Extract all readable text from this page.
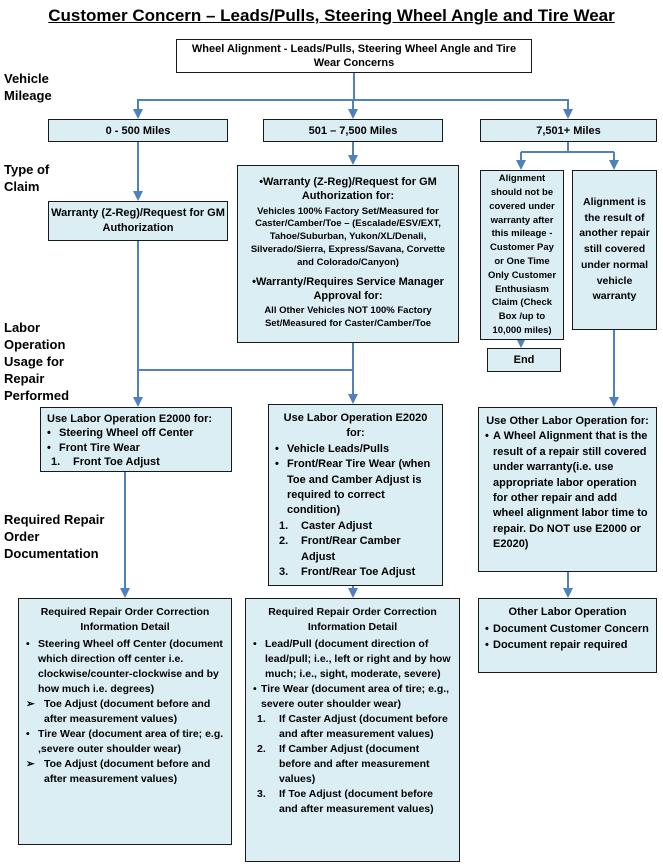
Customer Concern – Leads/Pulls, Steering Wheel Angle and Tire Wear
Vehicle Mileage
Type of Claim
Labor Operation Usage for Repair Performed
Required Repair Order Documentation
Wheel Alignment - Leads/Pulls, Steering Wheel Angle and Tire Wear Concerns
0 - 500 Miles	501 – 7,500 Miles	7,501+ Miles
Warranty (Z-Reg)/Request for GM Authorization
•Warranty (Z-Reg)/Request for GM Authorization for:
Vehicles 100% Factory Set/Measured for Caster/Camber/Toe – (Escalade/ESV/EXT, Tahoe/Suburban, Yukon/XL/Denali, Silverado/Sierra, Express/Savana, Corvette and Colorado/Canyon)
•Warranty/Requires Service Manager Approval for:
All Other Vehicles NOT 100% Factory Set/Measured for Caster/Camber/Toe
Alignment should not be covered under warranty after this mileage - Customer Pay or One Time Only Customer Enthusiasm Claim (Check Box /up to 10,000 miles)
Alignment is the result of another repair still covered under normal vehicle warranty
End
Use Labor Operation E2000 for:
• Steering Wheel off Center
• Front Tire Wear
1.	Front Toe Adjust
Use Labor Operation E2020 for:
• Vehicle Leads/Pulls
• Front/Rear Tire Wear (when Toe and Camber Adjust is required to correct condition)
1.	Caster Adjust
2.	Front/Rear Camber Adjust
3.	Front/Rear Toe Adjust
Use Other Labor Operation for:
• A Wheel Alignment that is the result of a repair still covered under warranty(i.e. use appropriate labor operation for other repair and add wheel alignment labor time to repair. Do NOT use E2000 or E2020)
Required Repair Order Correction Information Detail
• Steering Wheel off Center (document which direction off center i.e. clockwise/counter-clockwise and by how much i.e. degrees)
➢ Toe Adjust (document before and after measurement values)
• Tire Wear (document area of tire; e.g. ,severe outer shoulder wear)
➢ Toe Adjust (document before and after measurement values)
Required Repair Order Correction Information Detail
• Lead/Pull (document direction of lead/pull; i.e., left or right and by how much; i.e., sight, moderate, severe)
• Tire Wear (document area of tire; e.g., severe outer shoulder wear)
1.	If Caster Adjust (document before and after measurement values)
2.	If Camber Adjust (document before and after measurement values)
3.	If Toe Adjust (document before and after measurement values)
Other Labor Operation
• Document Customer Concern
• Document repair required
